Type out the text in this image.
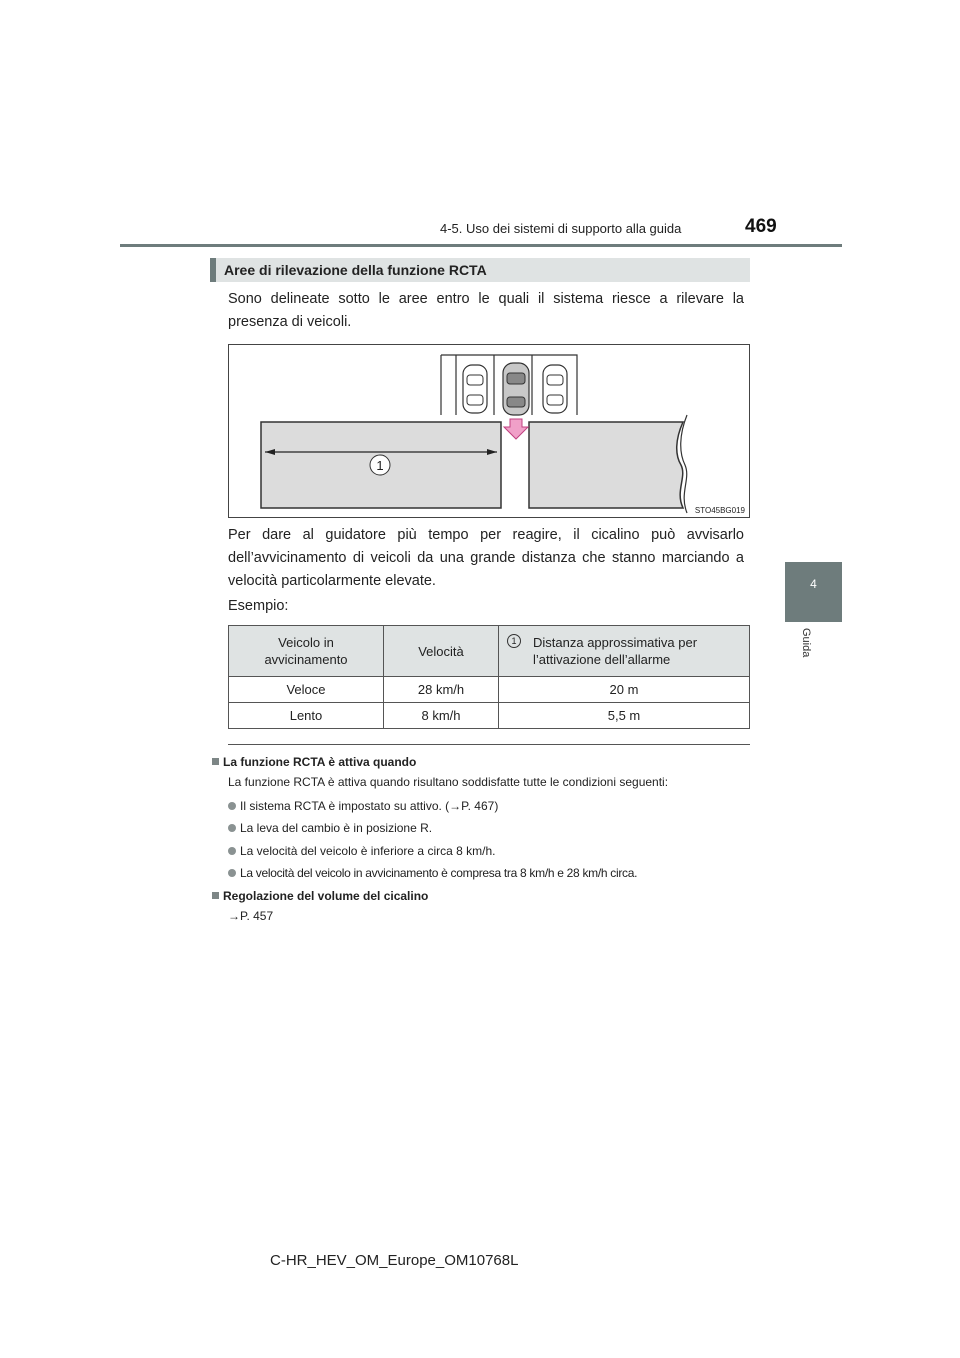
4-5. Uso dei sistemi di supporto alla guida	469
4
Guida
Aree di rilevazione della funzione RCTA
Sono delineate sotto le aree entro le quali il sistema riesce a rilevare la presenza di veicoli.
1
STO45BG019
Per dare al guidatore più tempo per reagire, il cicalino può avvisarlo dell’avvicinamento di veicoli da una grande distanza che stanno marciando a velocità particolarmente elevate.
Esempio:
Veicolo in avvicinamento	Velocità	1 Distanza approssimativa per l’attivazione dell’allarme

Veloce	28 km/h	20 m
Lento	8 km/h	5,5 m
La funzione RCTA è attiva quando
La funzione RCTA è attiva quando risultano soddisfatte tutte le condizioni seguenti:
Il sistema RCTA è impostato su attivo. (→P. 467)
La leva del cambio è in posizione R.
La velocità del veicolo è inferiore a circa 8 km/h.
La velocità del veicolo in avvicinamento è compresa tra 8 km/h e 28 km/h circa.
Regolazione del volume del cicalino
→P. 457
C-HR_HEV_OM_Europe_OM10768L
